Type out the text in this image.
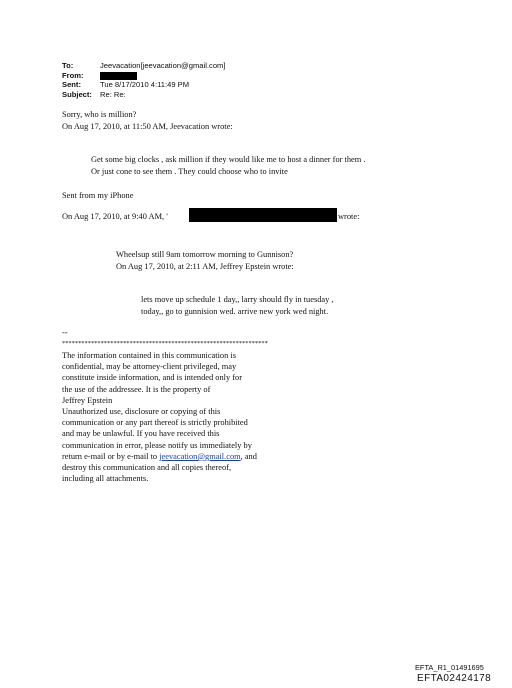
To:	Jeevacation[jeevacation@gmail.com]
From:
Sent:	Tue 8/17/2010 4:11:49 PM
Subject:	Re: Re:
Sorry, who is million?
On Aug 17, 2010, at 11:50 AM, Jeevacation wrote:
Get some big clocks , ask million if they would like me to host a dinner for them .
Or just cone to see them . They could choose who to invite
Sent from my iPhone
On Aug 17, 2010, at 9:40 AM, '	wrote:
Wheelsup still 9am tomorrow morning to Gunnison?
On Aug 17, 2010, at 2:11 AM, Jeffrey Epstein wrote:
lets move up schedule 1 day,, larry should fly in tuesday ,
today,, go to gunnision wed. arrive new york wed night.
--
****************************************************************
The information contained in this communication is
confidential, may be attorney-client privileged, may
constitute inside information, and is intended only for
the use of the addressee. It is the property of
Jeffrey Epstein
Unauthorized use, disclosure or copying of this
communication or any part thereof is strictly prohibited
and may be unlawful. If you have received this
communication in error, please notify us immediately by
return e-mail or by e-mail to jeevacation@gmail.com, and
destroy this communication and all copies thereof,
including all attachments.
EFTA_R1_01491695
EFTA02424178
